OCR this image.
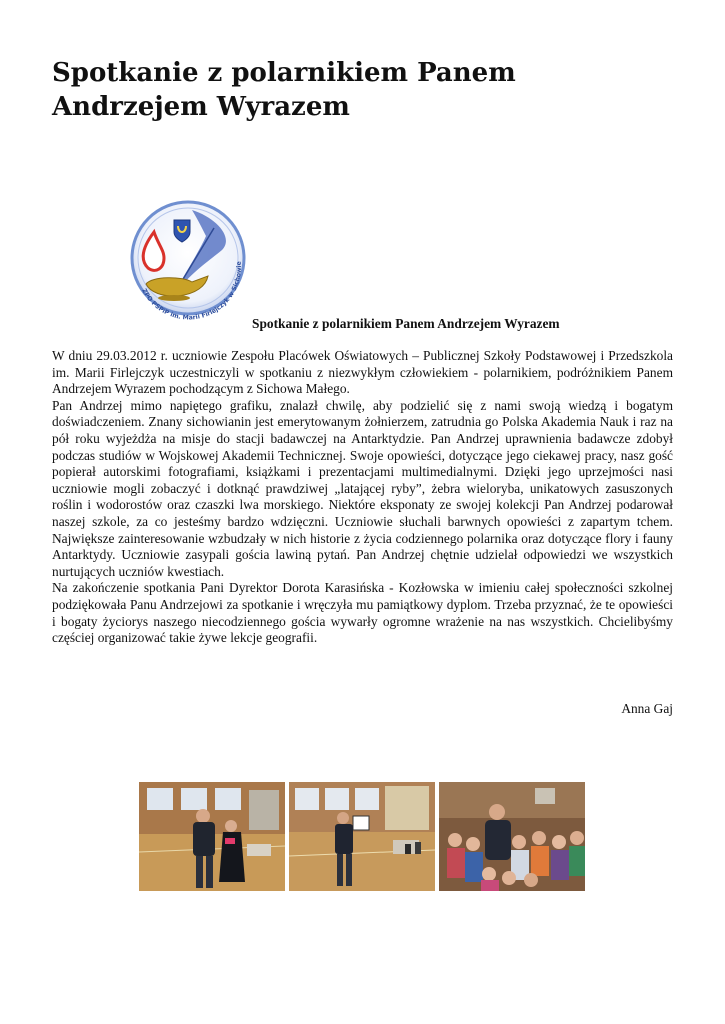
Spotkanie z polarnikiem Panem Andrzejem Wyrazem
ZPO PSPiP im. Marii Firlejczyk w Sichowie
Spotkanie z polarnikiem Panem Andrzejem Wyrazem

W dniu 29.03.2012 r. uczniowie Zespołu Placówek Oświatowych – Publicznej Szkoły Podstawowej i Przedszkola im. Marii Firlejczyk uczestniczyli w spotkaniu z niezwykłym człowiekiem - polarnikiem, podróżnikiem Panem Andrzejem Wyrazem pochodzącym z Sichowa Małego.

Pan Andrzej mimo napiętego grafiku, znalazł chwilę, aby podzielić się z nami swoją wiedzą i bogatym doświadczeniem. Znany sichowianin jest emerytowanym żołnierzem, zatrudnia go Polska Akademia Nauk i raz na pół roku wyjeżdża na misje do stacji badawczej na Antarktydzie. Pan Andrzej uprawnienia badawcze zdobył podczas studiów w Wojskowej Akademii Technicznej. Swoje opowieści, dotyczące jego ciekawej pracy, nasz gość popierał autorskimi fotografiami, książkami i prezentacjami multimedialnymi. Dzięki jego uprzejmości nasi uczniowie mogli zobaczyć i dotknąć prawdziwej „latającej ryby”, żebra wieloryba, unikatowych zasuszonych roślin i wodorostów oraz czaszki lwa morskiego. Niektóre eksponaty ze swojej kolekcji Pan Andrzej podarował naszej szkole, za co jesteśmy bardzo wdzięczni. Uczniowie słuchali barwnych opowieści z zapartym tchem. Największe zainteresowanie wzbudzały w nich historie z życia codziennego polarnika oraz dotyczące flory i fauny Antarktydy. Uczniowie zasypali gościa lawiną pytań. Pan Andrzej chętnie udzielał odpowiedzi we wszystkich nurtujących uczniów kwestiach.

Na zakończenie spotkania Pani Dyrektor Dorota Karasińska - Kozłowska w imieniu całej społeczności szkolnej podziękowała Panu Andrzejowi za spotkanie i wręczyła mu pamiątkowy dyplom. Trzeba przyznać, że te opowieści i bogaty życiorys naszego niecodziennego gościa wywarły ogromne wrażenie na nas wszystkich. Chcielibyśmy częściej organizować takie żywe lekcje geografii.

Anna Gaj
